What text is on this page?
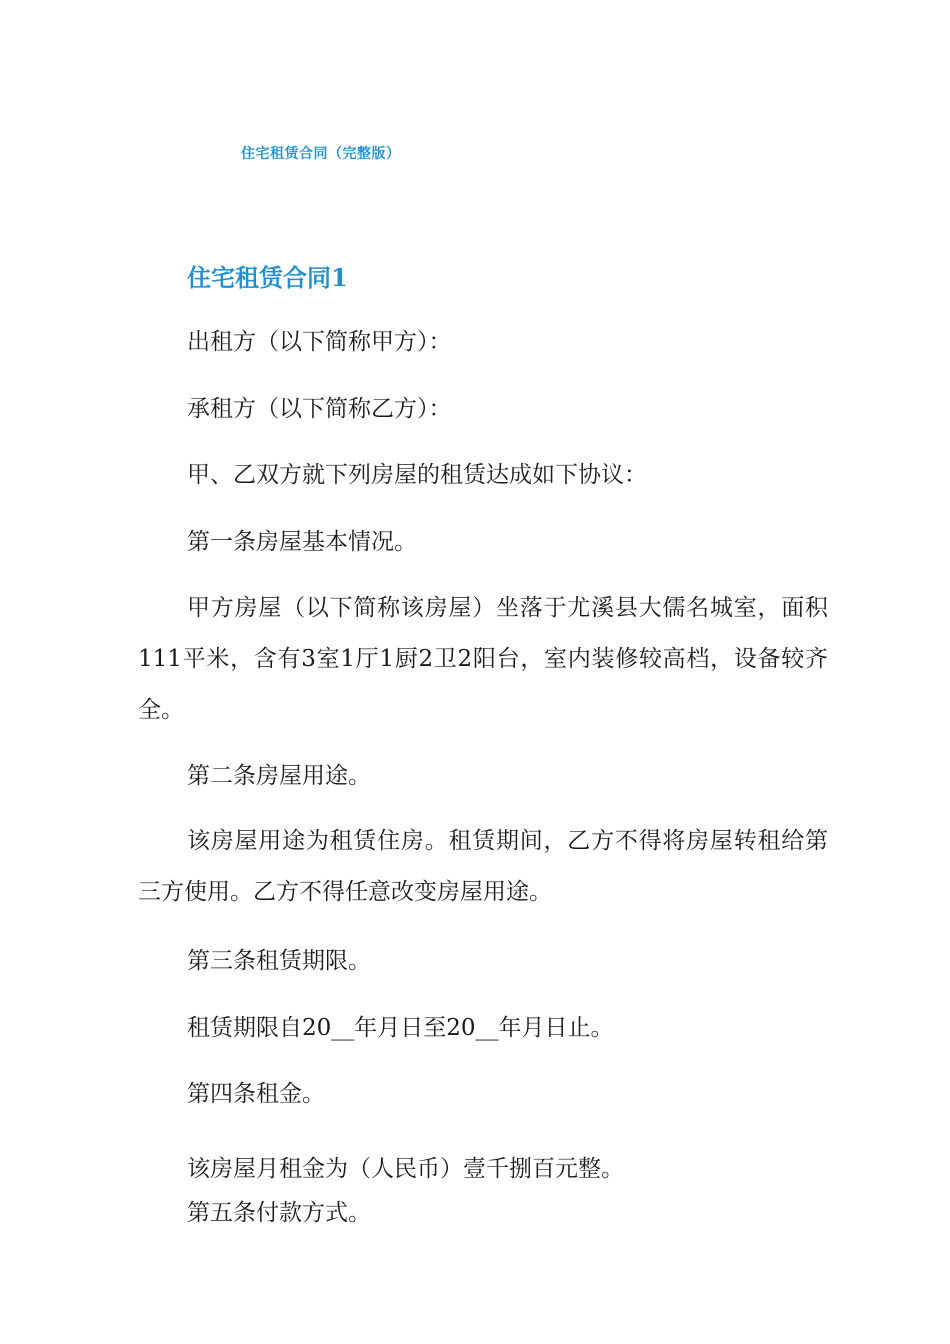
住宅租赁合同（完整版）
住宅租赁合同1
出租方（以下简称甲方）：
承租方（以下简称乙方）：
甲、乙双方就下列房屋的租赁达成如下协议：
第一条房屋基本情况。
甲方房屋（以下简称该房屋）坐落于尤溪县大儒名城室，面积111平米，含有3室1厅1厨2卫2阳台，室内装修较高档，设备较齐全。
第二条房屋用途。
该房屋用途为租赁住房。租赁期间，乙方不得将房屋转租给第三方使用。乙方不得任意改变房屋用途。
第三条租赁期限。
租赁期限自20__年月日至20__年月日止。
第四条租金。
该房屋月租金为（人民币）壹千捌百元整。
第五条付款方式。
